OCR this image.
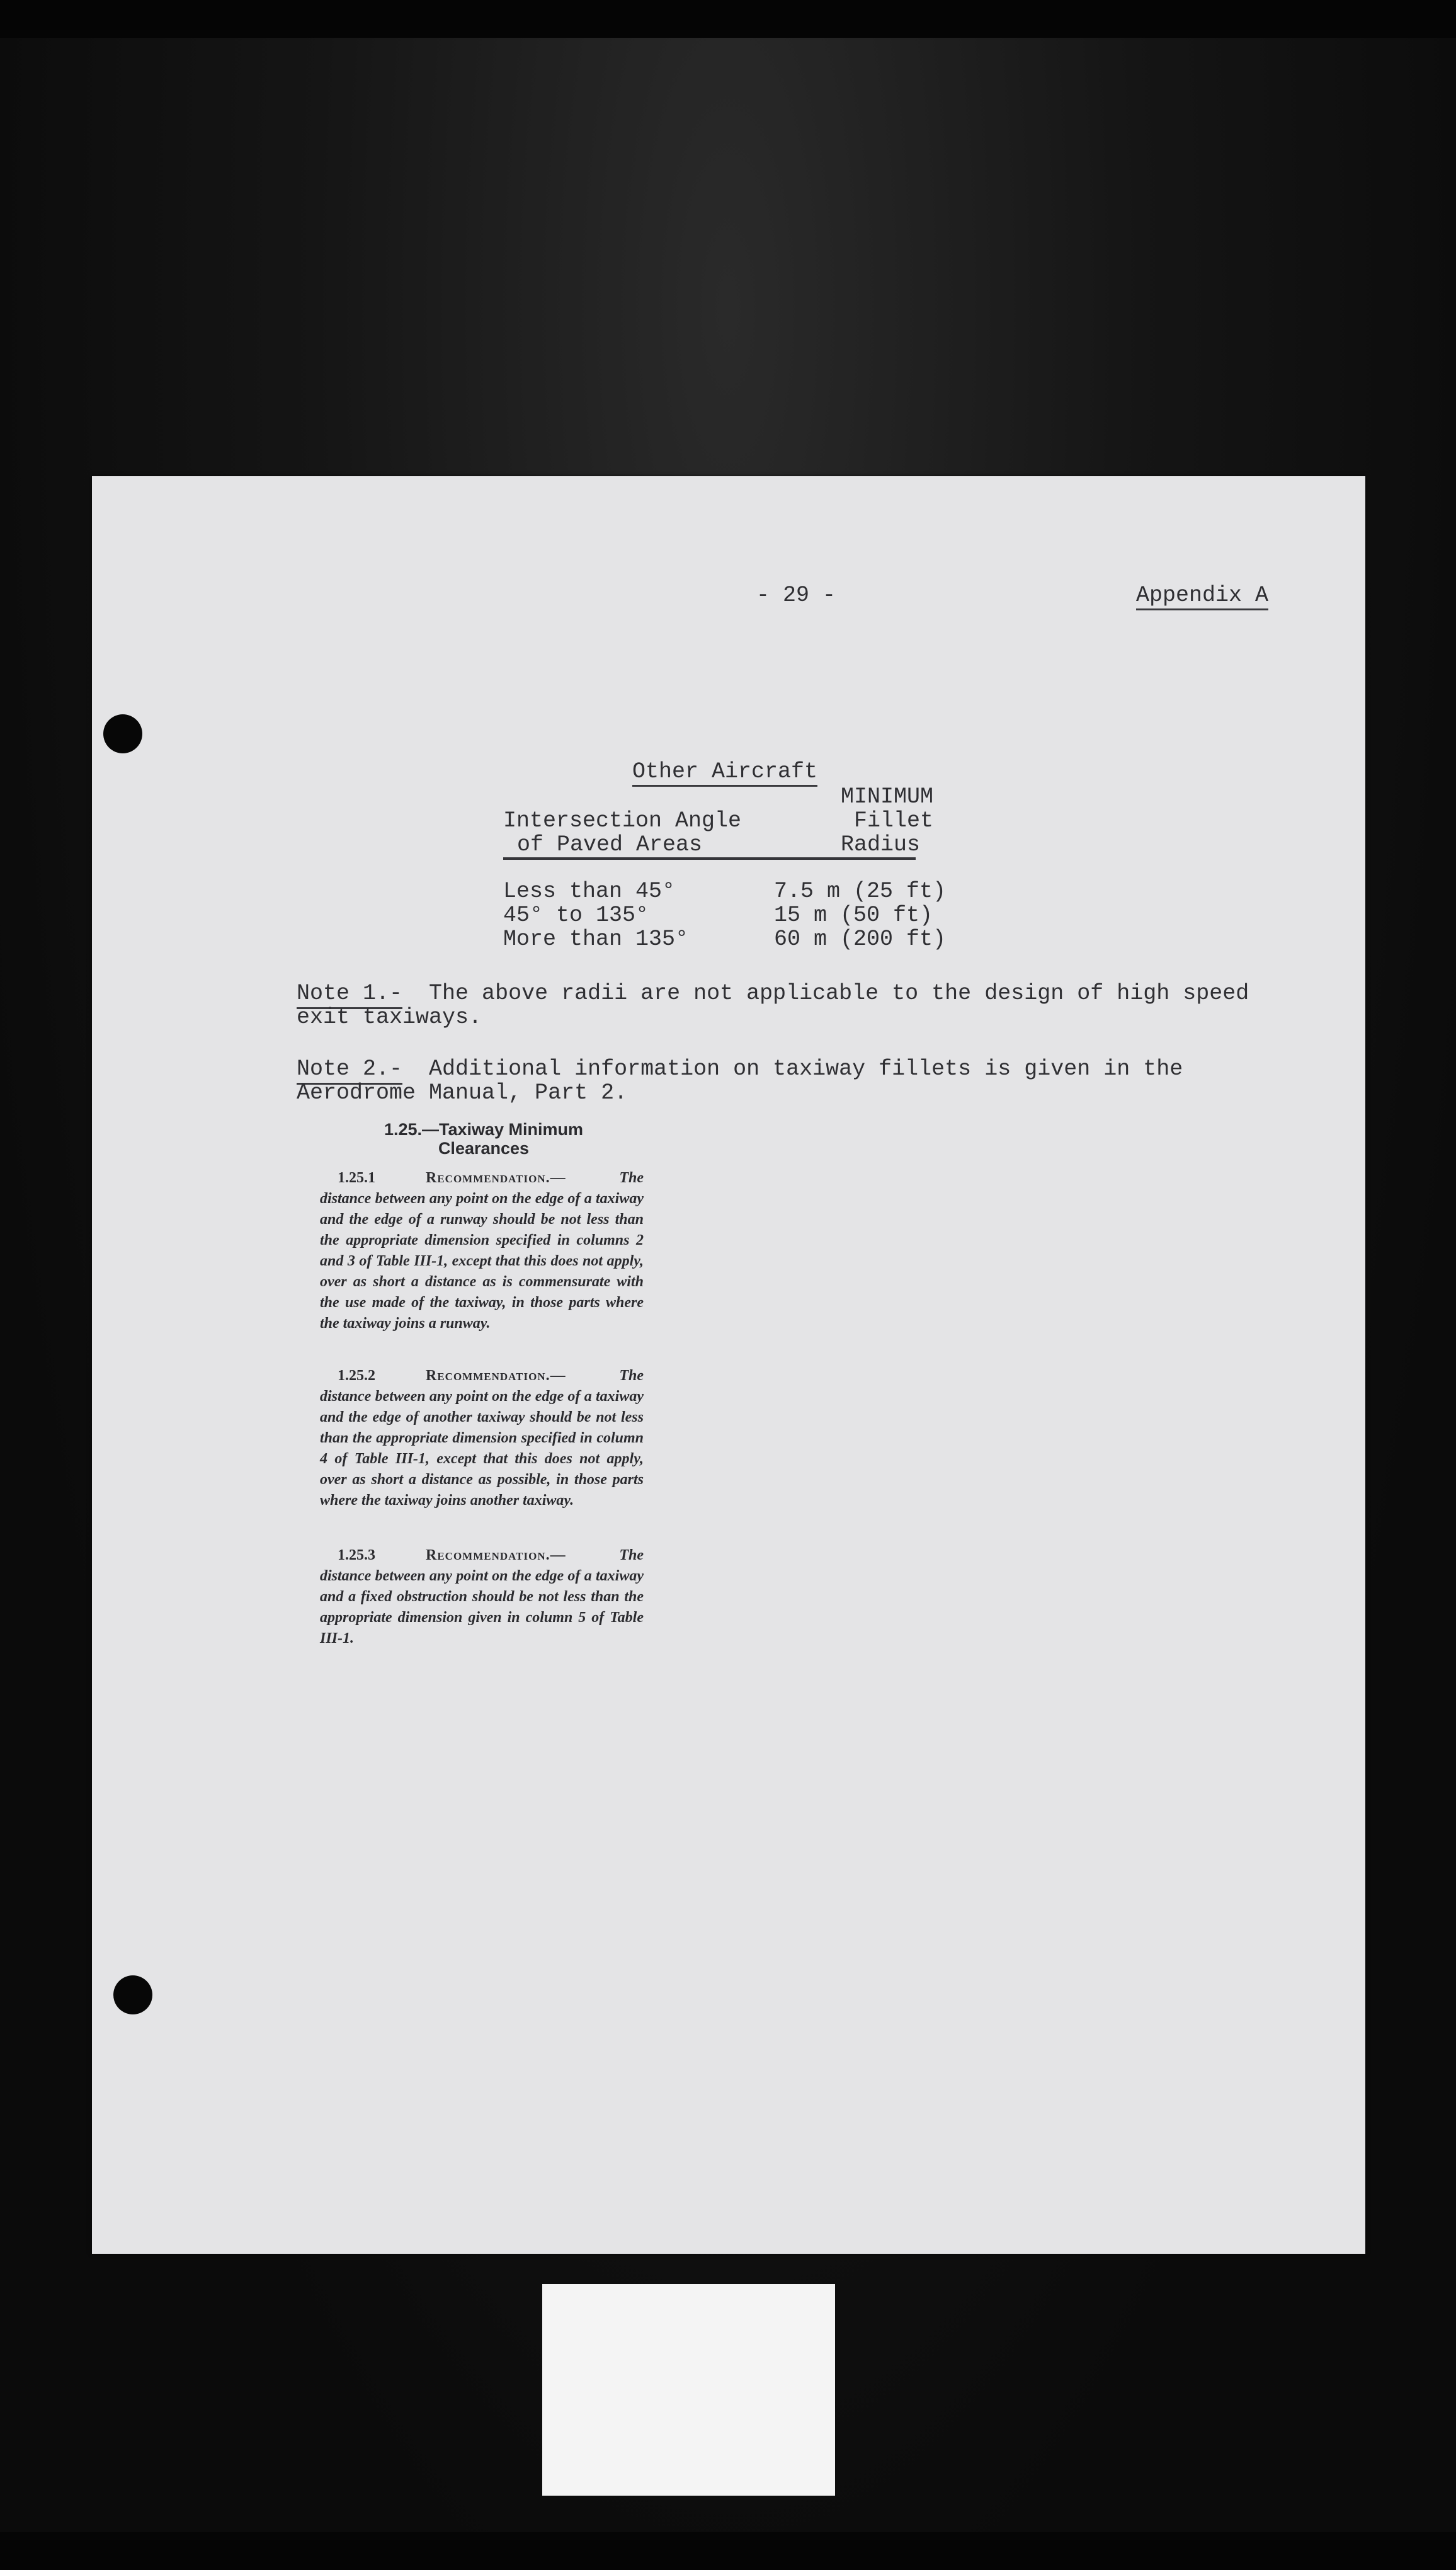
- 29 -	Appendix A
Other Aircraft
MINIMUM
Intersection Angle	Fillet
of Paved Areas	Radius
Less than 45°	7.5 m (25 ft)
45° to 135°	15 m (50 ft)
More than 135°	60 m (200 ft)
Note 1.- The above radii are not applicable to the design of high speed
exit taxiways.
Note 2.- Additional information on taxiway fillets is given in the
Aerodrome Manual, Part 2.
1.25.—Taxiway Minimum
Clearances
1.25.1	Recommendation.—	The distance between any point on the edge of a taxiway and the edge of a runway should be not less than the appropriate dimension specified in columns 2 and 3 of Table III-1, except that this does not apply, over as short a distance as is commensurate with the use made of the taxiway, in those parts where the taxiway joins a runway.
1.25.2	Recommendation.—	The distance between any point on the edge of a taxiway and the edge of another taxiway should be not less than the appropriate dimension specified in column 4 of Table III-1, except that this does not apply, over as short a distance as possible, in those parts where the taxiway joins another taxiway.
1.25.3	Recommendation.—	The distance between any point on the edge of a taxiway and a fixed obstruction should be not less than the appropriate dimension given in column 5 of Table III-1.
